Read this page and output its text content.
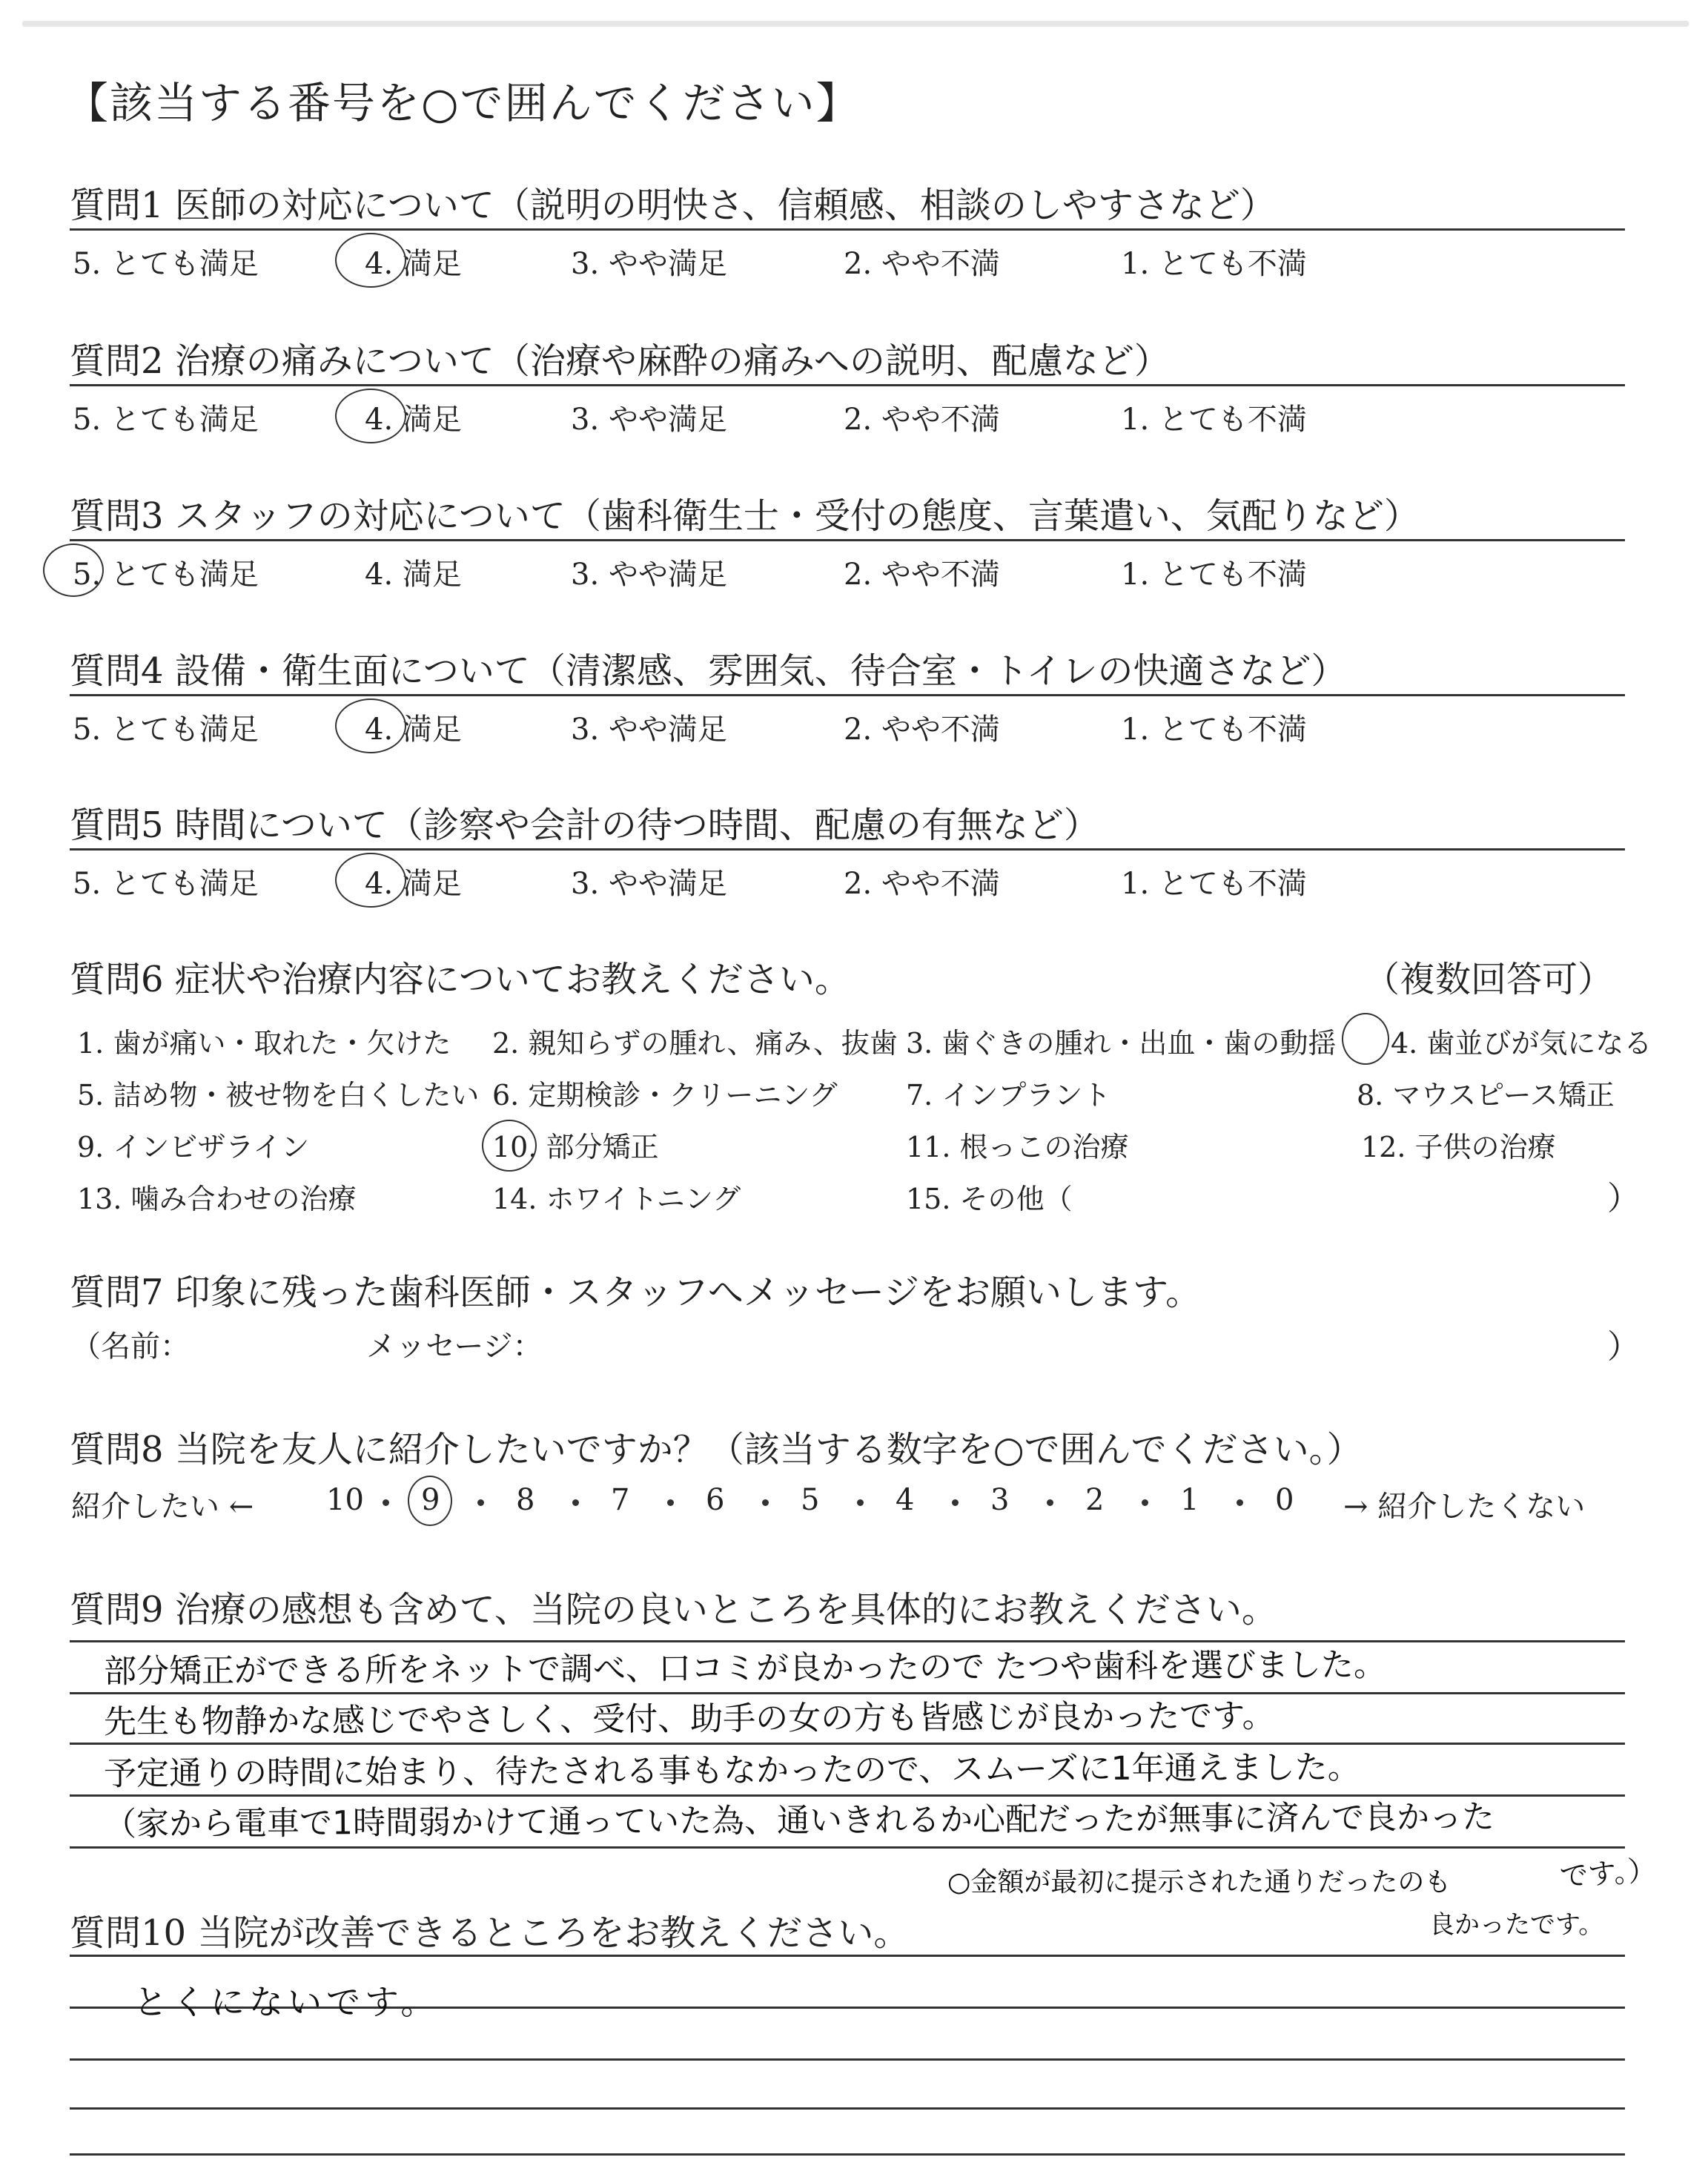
【該当する番号を○で囲んでください】
質問1 医師の対応について（説明の明快さ、信頼感、相談のしやすさなど）
5. とても満足	4. 満足	3. やや満足	2. やや不満	1. とても不満
質問2 治療の痛みについて（治療や麻酔の痛みへの説明、配慮など）
5. とても満足	4. 満足	3. やや満足	2. やや不満	1. とても不満
質問3 スタッフの対応について（歯科衛生士・受付の態度、言葉遣い、気配りなど）
5. とても満足	4. 満足	3. やや満足	2. やや不満	1. とても不満
質問4 設備・衛生面について（清潔感、雰囲気、待合室・トイレの快適さなど）
5. とても満足	4. 満足	3. やや満足	2. やや不満	1. とても不満
質問5 時間について（診察や会計の待つ時間、配慮の有無など）
5. とても満足	4. 満足	3. やや満足	2. やや不満	1. とても不満
質問6 症状や治療内容についてお教えください。	（複数回答可）
1. 歯が痛い・取れた・欠けた 2. 親知らずの腫れ、痛み、抜歯 3. 歯ぐきの腫れ・出血・歯の動揺 4. 歯並びが気になる
5. 詰め物・被せ物を白くしたい 6. 定期検診・クリーニング 7. インプラント	8. マウスピース矯正
9. インビザライン	10. 部分矯正	11. 根っこの治療	12. 子供の治療
13. 噛み合わせの治療	14. ホワイトニング	15. その他（	）
質問7 印象に残った歯科医師・スタッフへメッセージをお願いします。
（名前：	メッセージ：	）
質問8 当院を友人に紹介したいですか？（該当する数字を○で囲んでください。）
紹介したい ←	→ 紹介したくない
10 9	8	7	6	5	4	3	2	1	0
質問9 治療の感想も含めて、当院の良いところを具体的にお教えください。
部分矯正ができる所をネットで調べ、口コミが良かったので たつや歯科を選びました。
先生も物静かな感じでやさしく、受付、助手の女の方も皆感じが良かったです。
予定通りの時間に始まり、待たされる事もなかったので、スムーズに1年通えました。
（家から電車で1時間弱かけて通っていた為、通いきれるか心配だったが無事に済んで良かった
です。）
質問10 当院が改善できるところをお教えください。
○金額が最初に提示された通りだったのも
良かったです。
とくにないです。
